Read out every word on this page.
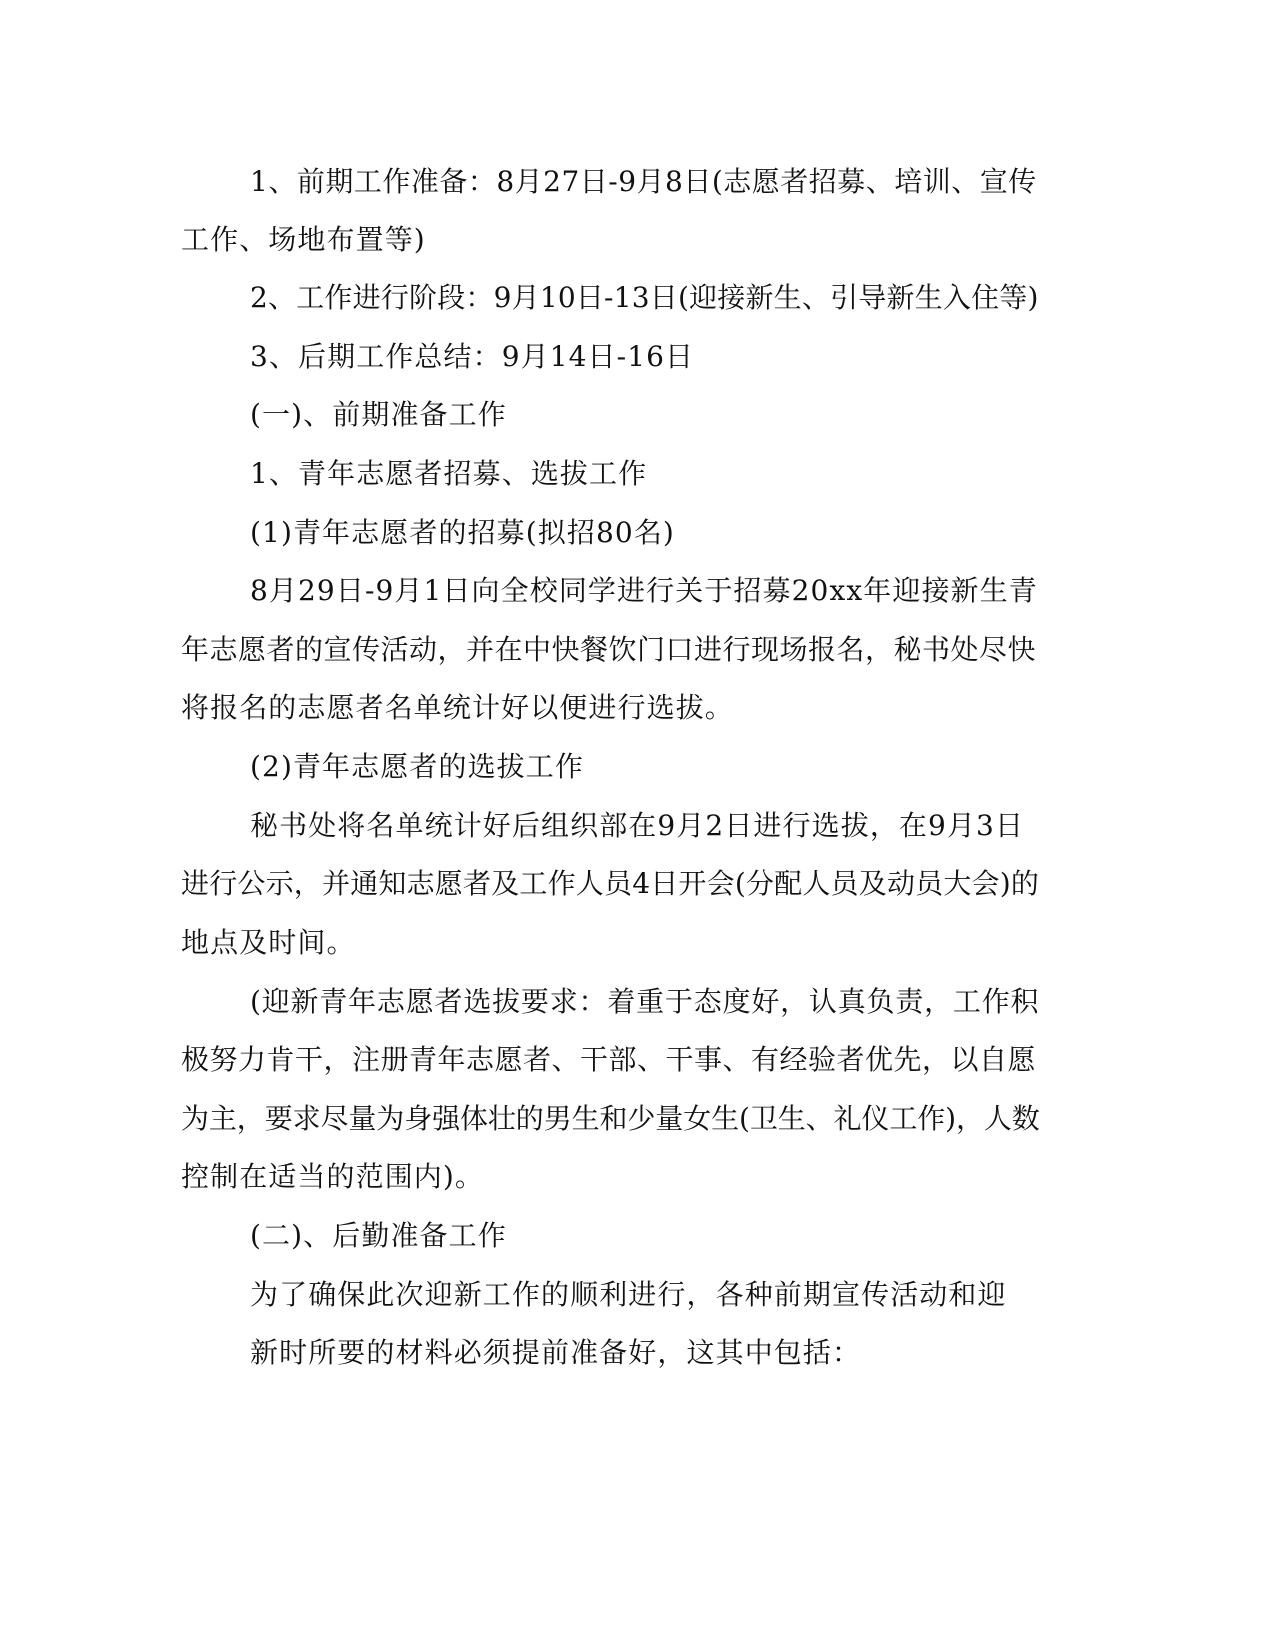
1、前期工作准备：8月27日-9月8日(志愿者招募、培训、宣传

工作、场地布置等)

2、工作进行阶段：9月10日-13日(迎接新生、引导新生入住等)

3、后期工作总结：9月14日-16日

(一)、前期准备工作

1、青年志愿者招募、选拔工作

(1)青年志愿者的招募(拟招80名)

8月29日-9月1日向全校同学进行关于招募20xx年迎接新生青

年志愿者的宣传活动，并在中快餐饮门口进行现场报名，秘书处尽快

将报名的志愿者名单统计好以便进行选拔。

(2)青年志愿者的选拔工作

秘书处将名单统计好后组织部在9月2日进行选拔，在9月3日

进行公示，并通知志愿者及工作人员4日开会(分配人员及动员大会)的

地点及时间。

(迎新青年志愿者选拔要求：着重于态度好，认真负责，工作积

极努力肯干，注册青年志愿者、干部、干事、有经验者优先，以自愿

为主，要求尽量为身强体壮的男生和少量女生(卫生、礼仪工作)，人数

控制在适当的范围内)。

(二)、后勤准备工作

为了确保此次迎新工作的顺利进行，各种前期宣传活动和迎

新时所要的材料必须提前准备好，这其中包括：
